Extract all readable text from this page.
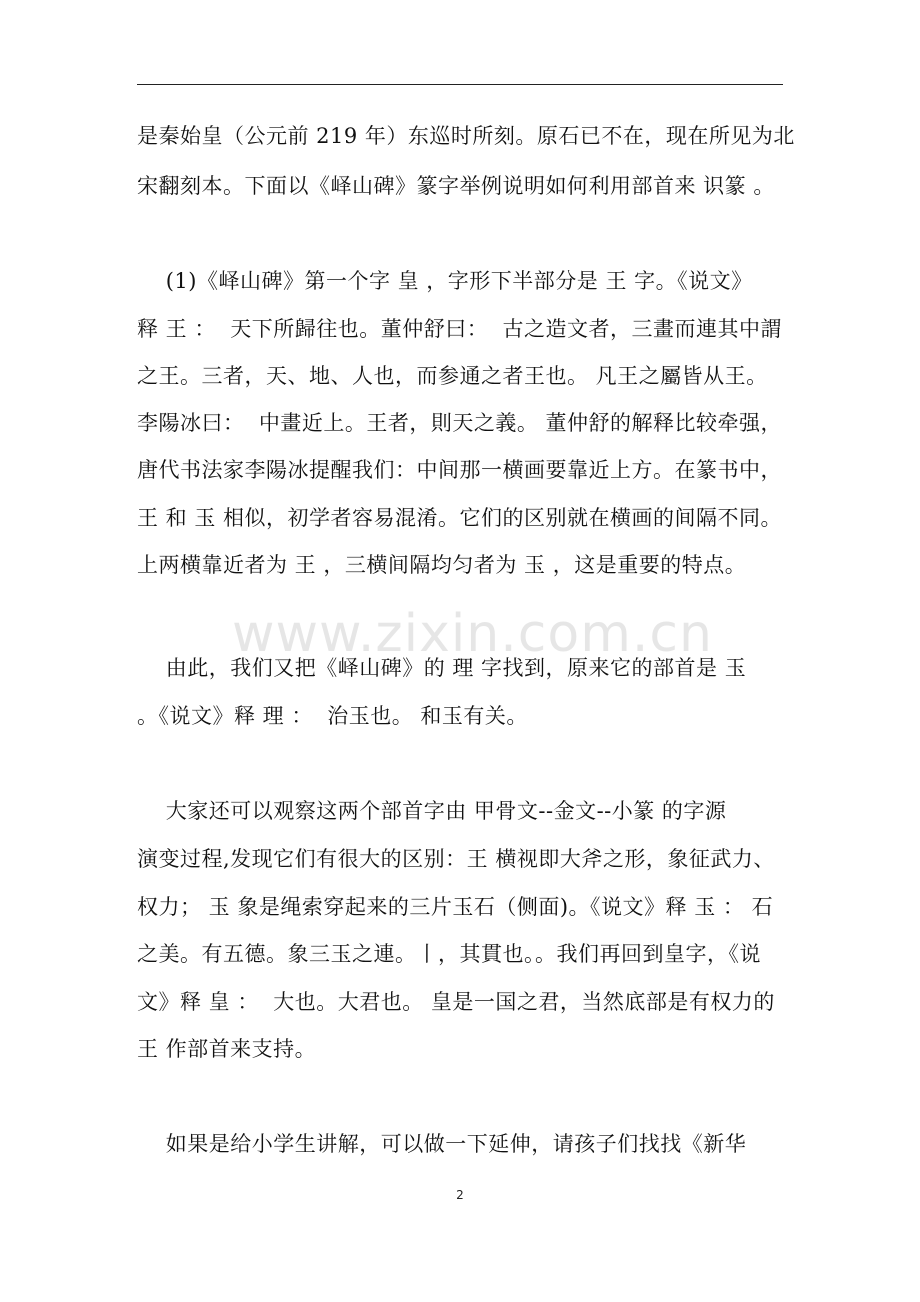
是秦始皇（公元前 219 年）东巡时所刻。原石已不在，现在所见为北
宋翻刻本。下面以《峄山碑》篆字举例说明如何利用部首来 识篆 。
(1)《峄山碑》第一个字 皇 ，字形下半部分是 王 字。《说文》
释 王 ：  天下所歸往也。董仲舒曰：  古之造文者，三畫而連其中謂
之王。三者，天、地、人也，而参通之者王也。 凡王之屬皆从王。
李陽冰曰：  中畫近上。王者，則天之義。 董仲舒的解释比较牵强，
唐代书法家李陽冰提醒我们：中间那一横画要靠近上方。在篆书中，
王 和 玉 相似，初学者容易混淆。它们的区别就在横画的间隔不同。
上两横靠近者为 王 ，三横间隔均匀者为 玉 ，这是重要的特点。
www.zixin.com.cn
由此，我们又把《峄山碑》的 理 字找到，原来它的部首是 玉
。《说文》释 理 ：  治玉也。 和玉有关。
大家还可以观察这两个部首字由 甲骨文--金文--小篆 的字源
演变过程,发现它们有很大的区别：王 横视即大斧之形，象征武力、
权力； 玉 象是绳索穿起来的三片玉石（侧面)。《说文》释 玉 ： 石
之美。有五德。象三玉之連。丨，其貫也。。我们再回到皇字，《说
文》释 皇 ：  大也。大君也。 皇是一国之君，当然底部是有权力的
王 作部首来支持。
如果是给小学生讲解，可以做一下延伸，请孩子们找找《新华
2
